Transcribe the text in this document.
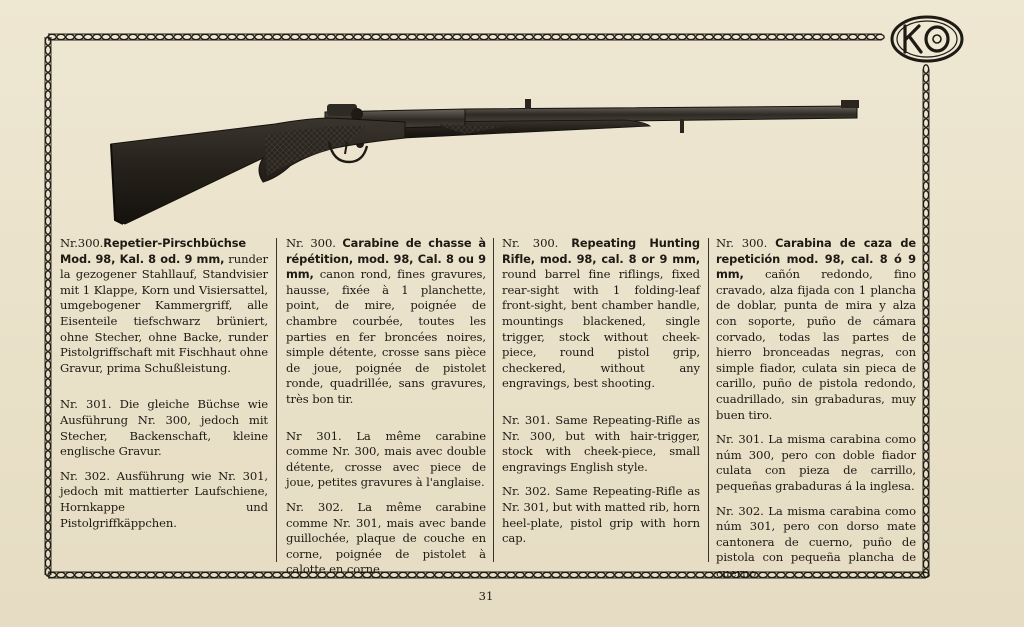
Nr.300.Repetier-Pirschbüchse Mod. 98, Kal. 8 od. 9 mm, runder la gezogener Stahllauf, Standvisier mit 1 Klappe, Korn und Visiersattel, umgebogener Kammergriff, alle Eisenteile tiefschwarz brüniert, ohne Stecher, ohne Backe, runder Pistolgriffschaft mit Fischhaut ohne Gravur, prima Schußleistung.

Nr. 301. Die gleiche Büchse wie Ausführung Nr. 300, jedoch mit Stecher, Backenschaft, kleine englische Gravur.

Nr. 302. Ausführung wie Nr. 301, jedoch mit mattierter Laufschiene, Hornkappe und Pistolgriffkäppchen.

Nr. 300. Carabine de chasse à répétition, mod. 98, Cal. 8 ou 9 mm, canon rond, fines gravures, hausse, fixée à 1 planchette, point, de mire, poignée de chambre courbée, toutes les parties en fer broncées noires, simple détente, crosse sans pièce de joue, poignée de pistolet ronde, quadrillée, sans gravures, très bon tir.

Nr 301. La même carabine comme Nr. 300, mais avec double détente, crosse avec piece de joue, petites gravures à l'anglaise.

Nr. 302. La même carabine comme Nr. 301, mais avec bande guillochée, plaque de couche en corne, poignée de pistolet à calotte en corne.

Nr. 300. Repeating Hunting Rifle, mod. 98, cal. 8 or 9 mm, round barrel fine riflings, fixed rear-sight with 1 folding-leaf front-sight, bent chamber handle, mountings blackened, single trigger, stock without cheek-piece, round pistol grip, checkered, without any engravings, best shooting.

Nr. 301. Same Repeating-Rifle as Nr. 300, but with hair-trigger, stock with cheek-piece, small engravings English style.

Nr. 302. Same Repeating-Rifle as Nr. 301, but with matted rib, horn heel-plate, pistol grip with horn cap.

Nr. 300. Carabina de caza de repetición mod. 98, cal. 8 ó 9 mm, cañón redondo, fino cravado, alza fijada con 1 plancha de doblar, punta de mira y alza con soporte, puño de cámara corvado, todas las partes de hierro bronceadas negras, con simple fiador, culata sin pieca de carillo, puño de pistola redondo, cuadrillado, sin grabaduras, muy buen tiro.

Nr. 301. La misma carabina como núm 300, pero con doble fiador culata con pieza de carrillo, pequeñas grabaduras á la inglesa.

Nr. 302. La misma carabina como núm 301, pero con dorso mate cantonera de cuerno, puño de pistola con pequeña plancha de cuerno.

31
